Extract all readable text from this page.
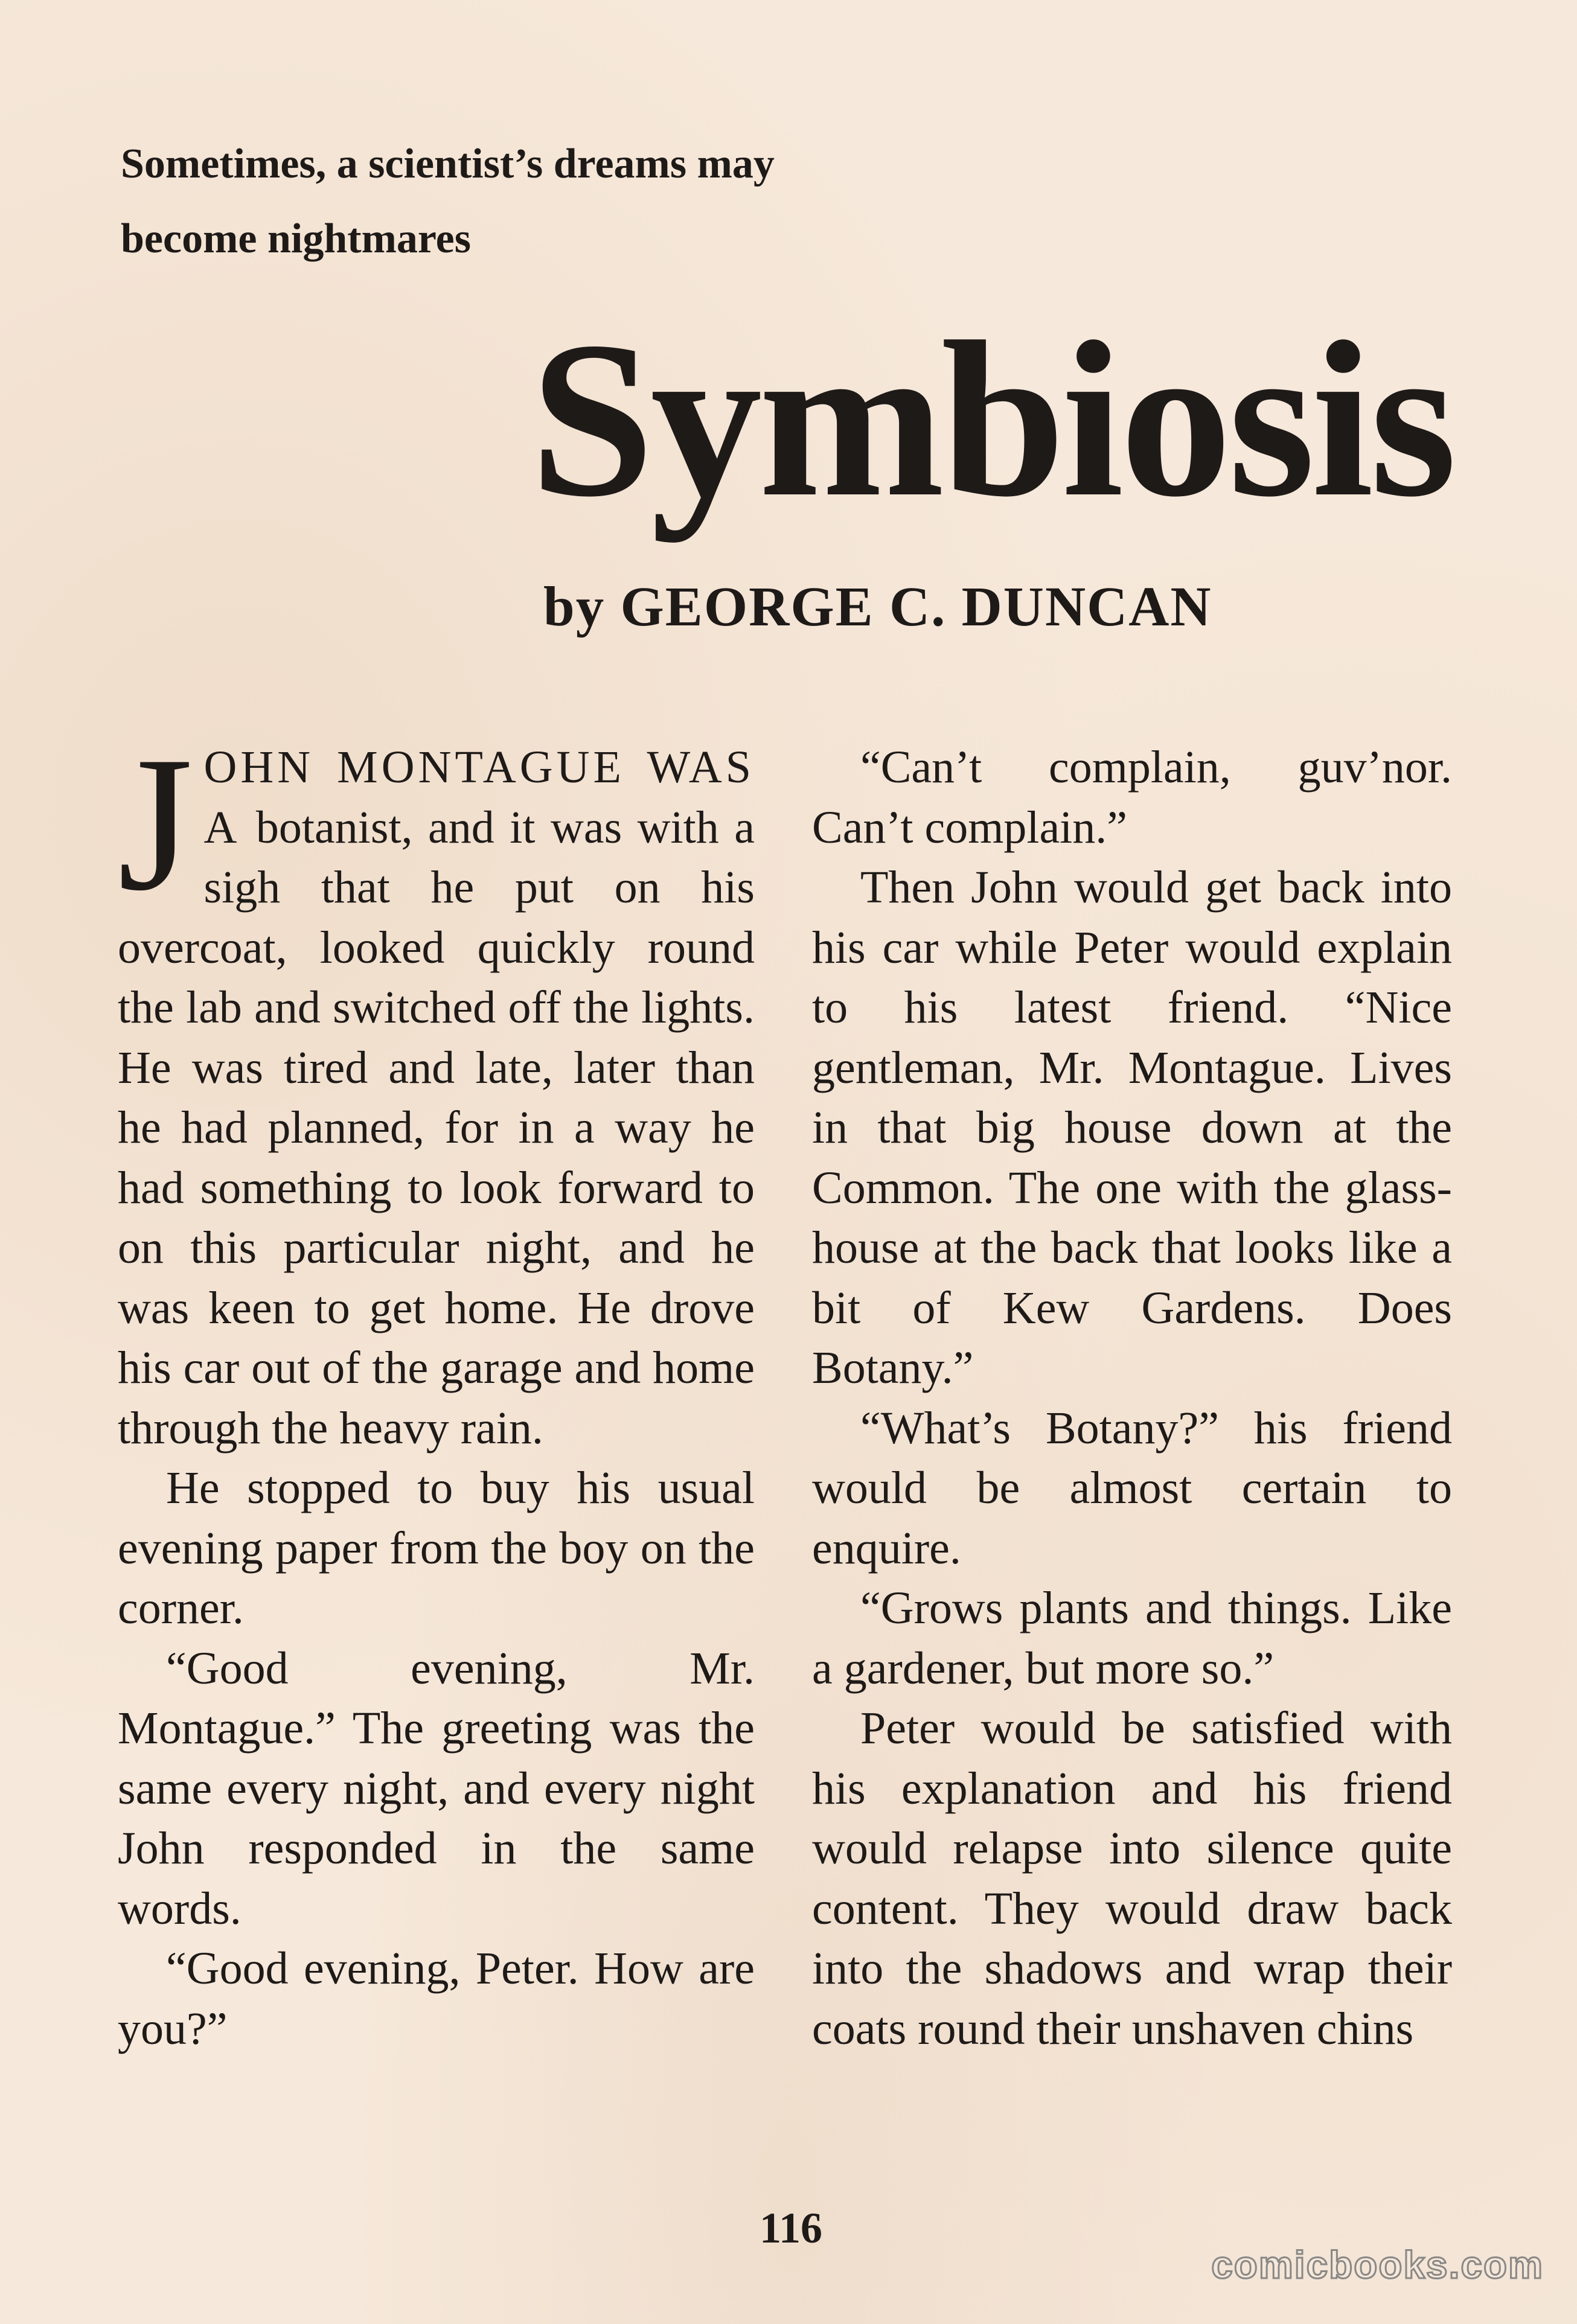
Sometimes, a scientist’s dreams may
become nightmares
Symbiosis
by GEORGE C. DUNCAN

JOHN MONTAGUE WAS A botanist, and it was with a sigh that he put on his overcoat, looked quickly round the lab and switched off the lights. He was tired and late, later than he had planned, for in a way he had something to look forward to on this particular night, and he was keen to get home. He drove his car out of the garage and home through the heavy rain.

He stopped to buy his usual evening paper from the boy on the corner.

“Good evening, Mr. Montague.” The greeting was the same every night, and every night John responded in the same words.

“Good evening, Peter. How are you?”

“Can’t complain, guv’nor. Can’t complain.”

Then John would get back into his car while Peter would explain to his latest friend. “Nice gentleman, Mr. Montague. Lives in that big house down at the Common. The one with the glass-house at the back that looks like a bit of Kew Gardens. Does Botany.”

“What’s Botany?” his friend would be almost certain to enquire.

“Grows plants and things. Like a gardener, but more so.”

Peter would be satisfied with his explanation and his friend would relapse into silence quite content. They would draw back into the shadows and wrap their coats round their unshaven chins

116
comicbooks.com
